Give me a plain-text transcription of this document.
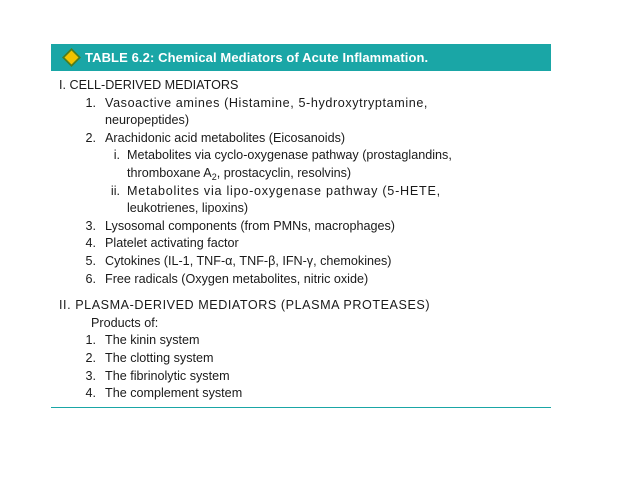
TABLE 6.2: Chemical Mediators of Acute Inflammation.
I. CELL-DERIVED MEDIATORS
1. Vasoactive amines (Histamine, 5-hydroxytryptamine,
neuropeptides)
2. Arachidonic acid metabolites (Eicosanoids)
i. Metabolites via cyclo-oxygenase pathway (prostaglandins,
thromboxane $A_2$, prostacyclin, resolvins)
ii. Metabolites via lipo-oxygenase pathway (5-HETE,
leukotrienes, lipoxins)
3. Lysosomal components (from PMNs, macrophages)
4. Platelet activating factor
5. Cytokines (IL-1, TNF-α, TNF-β, IFN-γ, chemokines)
6. Free radicals (Oxygen metabolites, nitric oxide)
II. PLASMA-DERIVED MEDIATORS (PLASMA PROTEASES)
Products of:
1. The kinin system
2. The clotting system
3. The fibrinolytic system
4. The complement system
